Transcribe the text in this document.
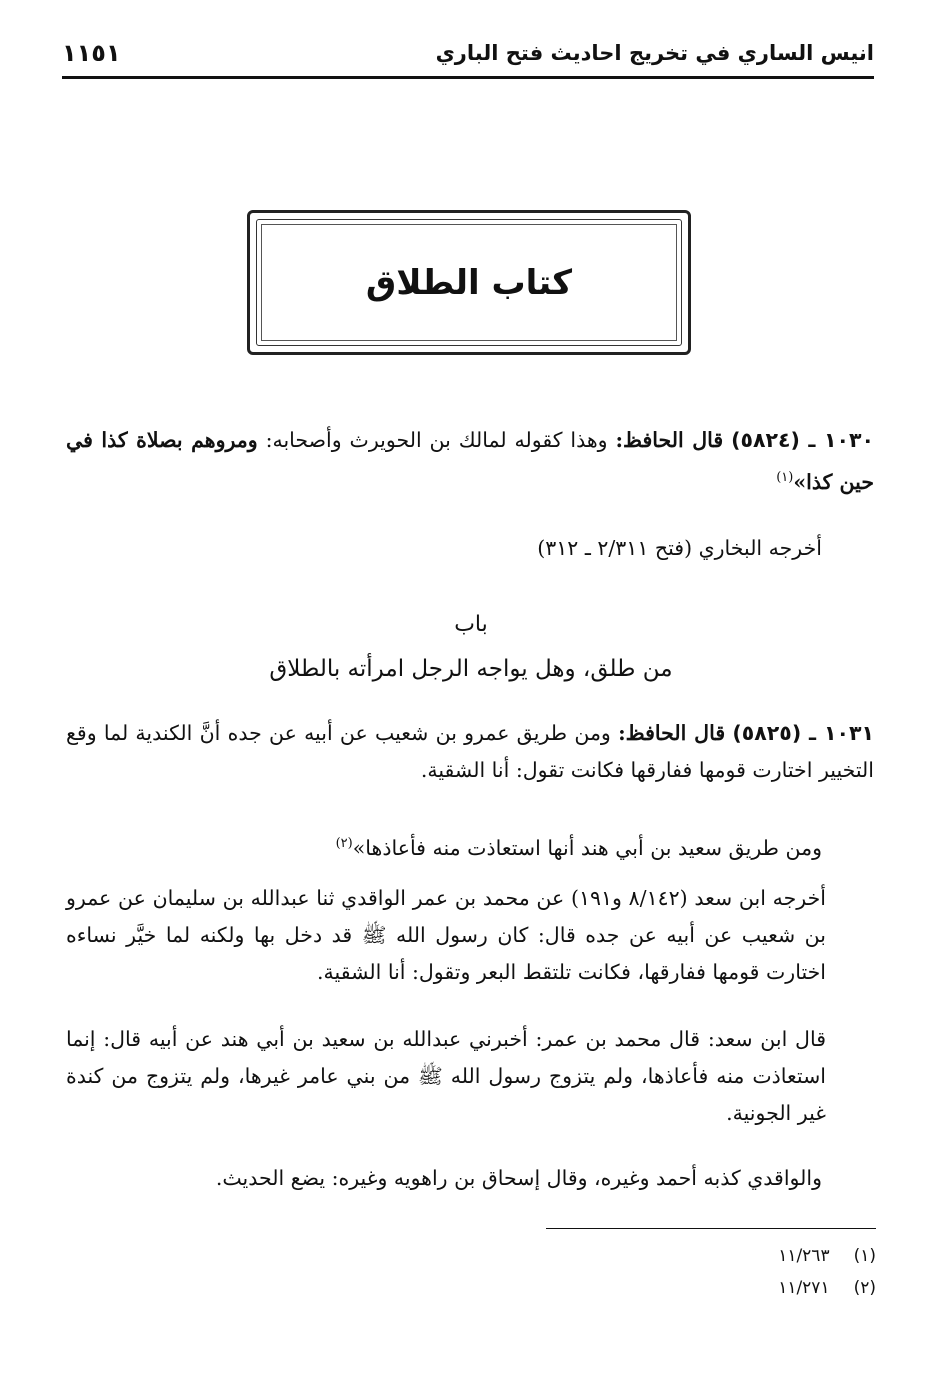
انيس الساري في تخريج احاديث فتح الباري
١١٥١
كتاب الطلاق
١٠٣٠ ـ (٥٨٢٤) قال الحافظ: وهذا كقوله لمالك بن الحويرث وأصحابه: ومروهم بصلاة كذا في حين كذا»$^{(١)}$
أخرجه البخاري (فتح ٢/٣١١ ـ ٣١٢)
باب
من طلق، وهل يواجه الرجل امرأته بالطلاق
١٠٣١ ـ (٥٨٢٥) قال الحافظ: ومن طريق عمرو بن شعيب عن أبيه عن جده أنَّ الكندية لما وقع التخيير اختارت قومها ففارقها فكانت تقول: أنا الشقية.
ومن طريق سعيد بن أبي هند أنها استعاذت منه فأعاذها»$^{(٢)}$
أخرجه ابن سعد (٨/١٤٢ و١٩١) عن محمد بن عمر الواقدي ثنا عبدالله بن سليمان عن عمرو بن شعيب عن أبيه عن جده قال: كان رسول الله ﷺ قد دخل بها ولكنه لما خيَّر نساءه اختارت قومها ففارقها، فكانت تلتقط البعر وتقول: أنا الشقية.
قال ابن سعد: قال محمد بن عمر: أخبرني عبدالله بن سعيد بن أبي هند عن أبيه قال: إنما استعاذت منه فأعاذها، ولم يتزوج رسول الله ﷺ من بني عامر غيرها، ولم يتزوج من كندة غير الجونية.
والواقدي كذبه أحمد وغيره، وقال إسحاق بن راهويه وغيره: يضع الحديث.
(١)
١١/٢٦٣
(٢)
١١/٢٧١
